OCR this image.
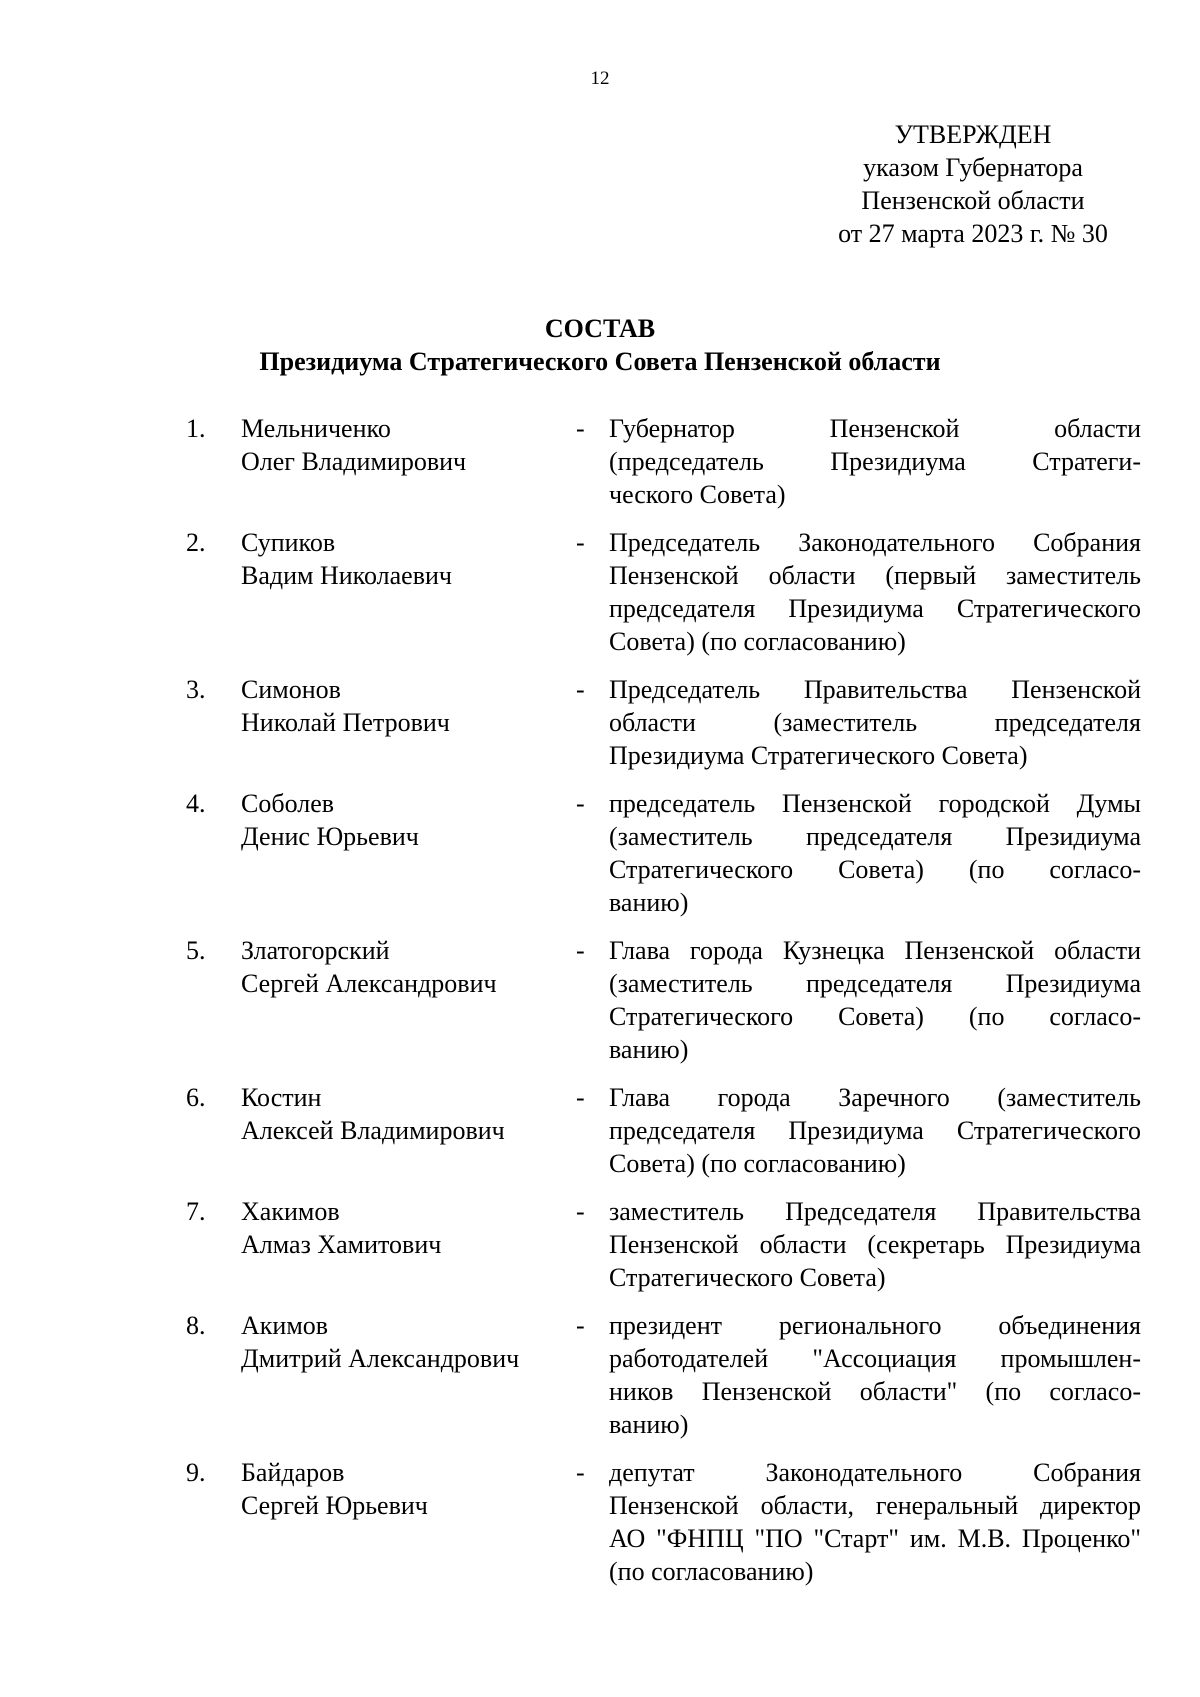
12
УТВЕРЖДЕН
указом Губернатора
Пензенской области
от 27 марта 2023 г. № 30
СОСТАВ
Президиума Стратегического Совета Пензенской области
1. Мельниченко
Олег Владимирович
- Губернатор Пензенской области
(председатель Президиума Стратеги-
ческого Совета)
2. Супиков
Вадим Николаевич
- Председатель Законодательного Собрания
Пензенской области (первый заместитель
председателя Президиума Стратегического
Совета) (по согласованию)
3. Симонов
Николай Петрович
- Председатель Правительства Пензенской
области (заместитель председателя
Президиума Стратегического Совета)
4. Соболев
Денис Юрьевич
- председатель Пензенской городской Думы
(заместитель председателя Президиума
Стратегического Совета) (по согласо-
ванию)
5. Златогорский
Сергей Александрович
- Глава города Кузнецка Пензенской области
(заместитель председателя Президиума
Стратегического Совета) (по согласо-
ванию)
6. Костин
Алексей Владимирович
- Глава города Заречного (заместитель
председателя Президиума Стратегического
Совета) (по согласованию)
7. Хакимов
Алмаз Хамитович
- заместитель Председателя Правительства
Пензенской области (секретарь Президиума
Стратегического Совета)
8. Акимов
Дмитрий Александрович
- президент регионального объединения
работодателей "Ассоциация промышлен-
ников Пензенской области" (по согласо-
ванию)
9. Байдаров
Сергей Юрьевич
- депутат Законодательного Собрания
Пензенской области, генеральный директор
АО "ФНПЦ "ПО "Старт" им. М.В. Проценко"
(по согласованию)
